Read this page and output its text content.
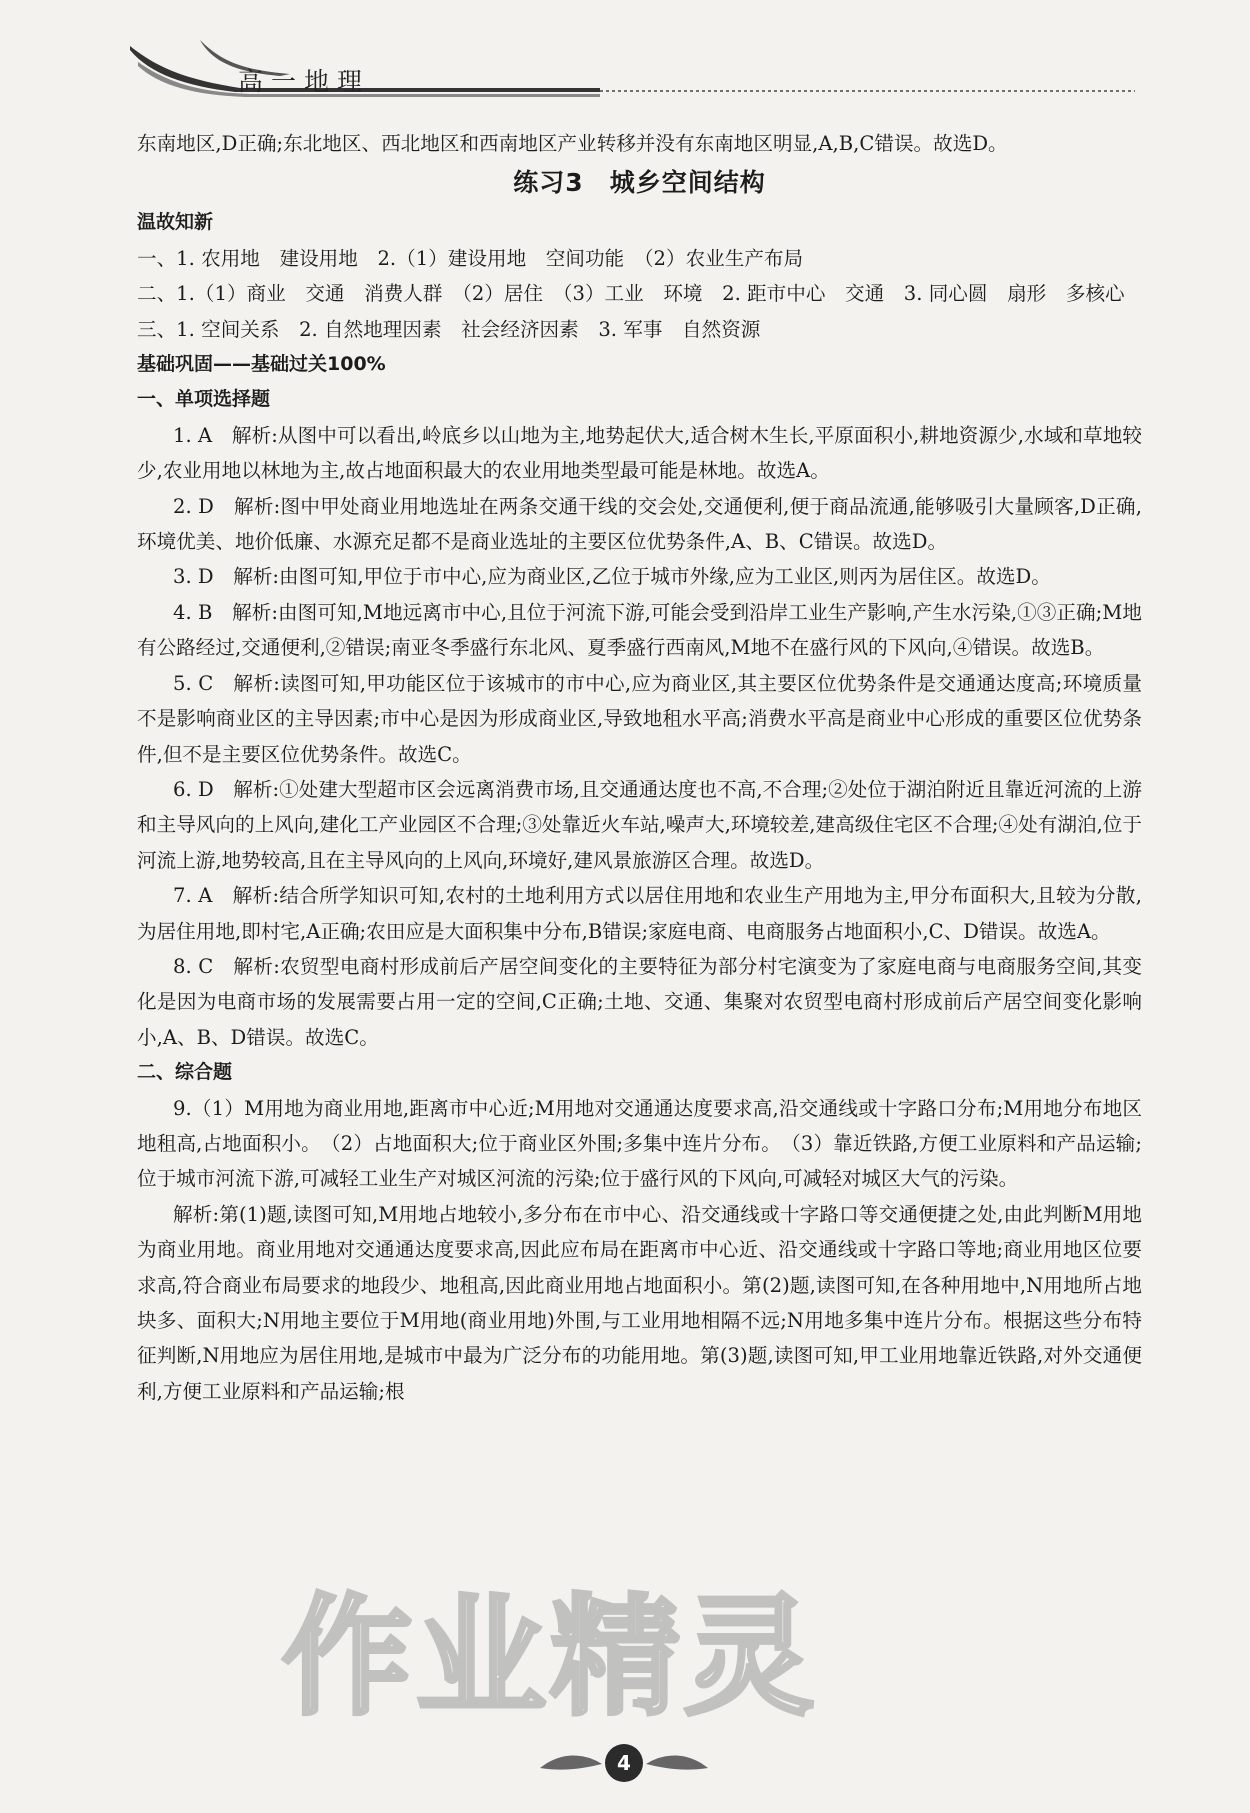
高一地理

东南地区,D正确;东北地区、西北地区和西南地区产业转移并没有东南地区明显,A,B,C错误。故选D。

练习3　城乡空间结构

温故知新

一、1. 农用地　建设用地　2.（1）建设用地　空间功能　（2）农业生产布局

二、1.（1）商业　交通　消费人群　（2）居住　（3）工业　环境　2. 距市中心　交通　3. 同心圆　扇形　多核心

三、1. 空间关系　2. 自然地理因素　社会经济因素　3. 军事　自然资源

基础巩固——基础过关100%

一、单项选择题

1. A　解析:从图中可以看出,岭底乡以山地为主,地势起伏大,适合树木生长,平原面积小,耕地资源少,水域和草地较少,农业用地以林地为主,故占地面积最大的农业用地类型最可能是林地。故选A。

2. D　解析:图中甲处商业用地选址在两条交通干线的交会处,交通便利,便于商品流通,能够吸引大量顾客,D正确,环境优美、地价低廉、水源充足都不是商业选址的主要区位优势条件,A、B、C错误。故选D。

3. D　解析:由图可知,甲位于市中心,应为商业区,乙位于城市外缘,应为工业区,则丙为居住区。故选D。

4. B　解析:由图可知,M地远离市中心,且位于河流下游,可能会受到沿岸工业生产影响,产生水污染,①③正确;M地有公路经过,交通便利,②错误;南亚冬季盛行东北风、夏季盛行西南风,M地不在盛行风的下风向,④错误。故选B。

5. C　解析:读图可知,甲功能区位于该城市的市中心,应为商业区,其主要区位优势条件是交通通达度高;环境质量不是影响商业区的主导因素;市中心是因为形成商业区,导致地租水平高;消费水平高是商业中心形成的重要区位优势条件,但不是主要区位优势条件。故选C。

6. D　解析:①处建大型超市区会远离消费市场,且交通通达度也不高,不合理;②处位于湖泊附近且靠近河流的上游和主导风向的上风向,建化工产业园区不合理;③处靠近火车站,噪声大,环境较差,建高级住宅区不合理;④处有湖泊,位于河流上游,地势较高,且在主导风向的上风向,环境好,建风景旅游区合理。故选D。

7. A　解析:结合所学知识可知,农村的土地利用方式以居住用地和农业生产用地为主,甲分布面积大,且较为分散,为居住用地,即村宅,A正确;农田应是大面积集中分布,B错误;家庭电商、电商服务占地面积小,C、D错误。故选A。

8. C　解析:农贸型电商村形成前后产居空间变化的主要特征为部分村宅演变为了家庭电商与电商服务空间,其变化是因为电商市场的发展需要占用一定的空间,C正确;土地、交通、集聚对农贸型电商村形成前后产居空间变化影响小,A、B、D错误。故选C。

二、综合题

9.（1）M用地为商业用地,距离市中心近;M用地对交通通达度要求高,沿交通线或十字路口分布;M用地分布地区地租高,占地面积小。　（2）占地面积大;位于商业区外围;多集中连片分布。　（3）靠近铁路,方便工业原料和产品运输;位于城市河流下游,可减轻工业生产对城区河流的污染;位于盛行风的下风向,可减轻对城区大气的污染。

解析:第(1)题,读图可知,M用地占地较小,多分布在市中心、沿交通线或十字路口等交通便捷之处,由此判断M用地为商业用地。商业用地对交通通达度要求高,因此应布局在距离市中心近、沿交通线或十字路口等地;商业用地区位要求高,符合商业布局要求的地段少、地租高,因此商业用地占地面积小。第(2)题,读图可知,在各种用地中,N用地所占地块多、面积大;N用地主要位于M用地(商业用地)外围,与工业用地相隔不远;N用地多集中连片分布。根据这些分布特征判断,N用地应为居住用地,是城市中最为广泛分布的功能用地。第(3)题,读图可知,甲工业用地靠近铁路,对外交通便利,方便工业原料和产品运输;根

作业精灵
4
